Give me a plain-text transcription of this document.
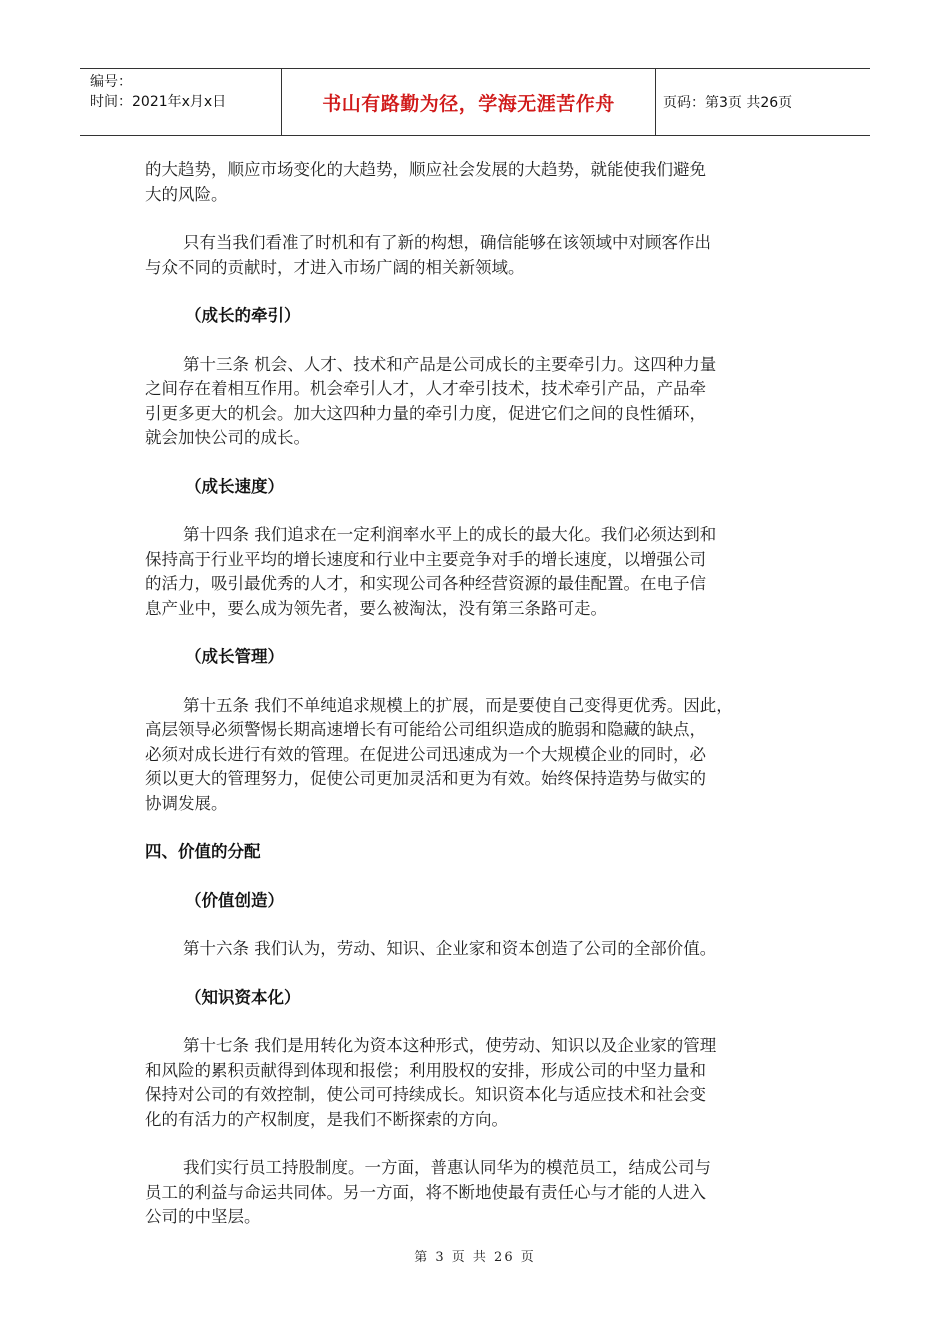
编号：
时间：2021年x月x日	书山有路勤为径，学海无涯苦作舟	页码：第3页 共26页

的大趋势，顺应市场变化的大趋势，顺应社会发展的大趋势，就能使我们避免

大的风险。

只有当我们看准了时机和有了新的构想，确信能够在该领域中对顾客作出

与众不同的贡献时，才进入市场广阔的相关新领域。

（成长的牵引）

第十三条 机会、人才、技术和产品是公司成长的主要牵引力。这四种力量

之间存在着相互作用。机会牵引人才，人才牵引技术，技术牵引产品，产品牵

引更多更大的机会。加大这四种力量的牵引力度，促进它们之间的良性循环，

就会加快公司的成长。

（成长速度）

第十四条 我们追求在一定利润率水平上的成长的最大化。我们必须达到和

保持高于行业平均的增长速度和行业中主要竞争对手的增长速度，以增强公司

的活力，吸引最优秀的人才，和实现公司各种经营资源的最佳配置。在电子信

息产业中，要么成为领先者，要么被淘汰，没有第三条路可走。

（成长管理）

第十五条 我们不单纯追求规模上的扩展，而是要使自己变得更优秀。因此，

高层领导必须警惕长期高速增长有可能给公司组织造成的脆弱和隐藏的缺点，

必须对成长进行有效的管理。在促进公司迅速成为一个大规模企业的同时，必

须以更大的管理努力，促使公司更加灵活和更为有效。始终保持造势与做实的

协调发展。

四、价值的分配

（价值创造）

第十六条 我们认为，劳动、知识、企业家和资本创造了公司的全部价值。

（知识资本化）

第十七条 我们是用转化为资本这种形式，使劳动、知识以及企业家的管理

和风险的累积贡献得到体现和报偿；利用股权的安排，形成公司的中坚力量和

保持对公司的有效控制，使公司可持续成长。知识资本化与适应技术和社会变

化的有活力的产权制度，是我们不断探索的方向。

我们实行员工持股制度。一方面，普惠认同华为的模范员工，结成公司与

员工的利益与命运共同体。另一方面，将不断地使最有责任心与才能的人进入

公司的中坚层。

第 3 页 共 26 页
